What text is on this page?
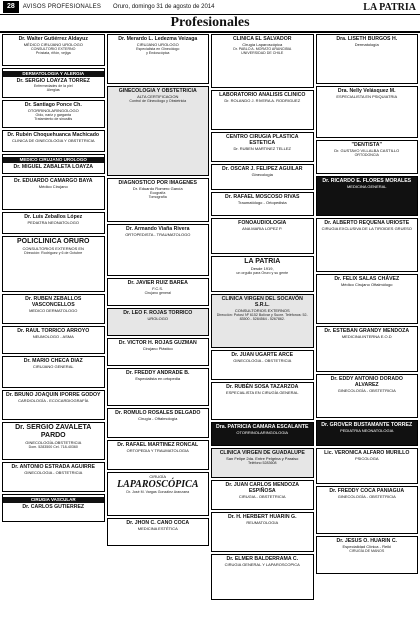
28	AVISOS PROFESIONALES Oruro, domingo 31 de agosto de 2014	LA PATRIA
Profesionales
Dr. Walter Gutiérrez Aldayuz
MÉDICO CIRUJANO UROLOGO
CONSULTORIO EXTERNO
Próstata, riñón, vejiga
DERMATOLOGIA Y ALERGIA
Dr. SERGIO LOAYZA TORREZ
Enfermedades de la piel
Alergias
Dr. Santiago Ponce Ch.
OTORRINOLARINGOLOGO
Oído, nariz y garganta
Tratamiento de sinusitis
Dr. Rubén Choquehuanca Machicado
CLINICA DE GINECOLOGIA Y OBSTETRICIA
MEDICO CIRUJANO UROLOGO
Dr. MIGUEL ZABALETA LOAYZA
Dr. EDUARDO CAMARGO BAYA
Médico Cirujano
Dr. Luis Zeballos López
PEDIATRA NEONATOLOGO
POLICLINICA ORURO
CONSULTORIOS EXTERNOS EN
Dirección: Rodríguez y 6 de Octubre
Dr. RUBEN ZEBALLOS VASCONCELLOS
MEDICO DERMATOLOGO
Dr. RAUL TORRICO ARROYO
NEUMOLOGO - ASMA
Dr. MARIO CHECA DIAZ
CIRUJANO GENERAL
Dr. BRUNO JOAQUIN IPORRE GODOY
CARDIOLOGÍA - ECOCARDIOGRAFÍA
Dr. SERGIO ZAVALETA PARDO
GINECOLOGÍA-OBSTETRICIA
Dom. 5283500 Cel. 718-40360
Dr. ANTONIO ESTRADA AGUIRRE
GINECOLOGIA - OBSTETRICIA
CIRUGIA VASCULAR
Dr. CARLOS GUTIERREZ
Dr. Merardo L. Ledezma Veizaga
CIRUJANO UROLOGO
Especialista en Ginecólogo
y Endoscópica
GINECOLOGIA Y OBSTETRICIA
ALTA CERTIFICACION
Control de Ginecólogo y Obstetricia
DIAGNOSTICO POR IMAGENES
Dr. Eduardo Romero García
Ecografía
Tomografía
Dr. Armando Viaña Rivera
ORTOPEDISTA - TRAUMATOLOGO
Dr. JAVIER RUIZ BAREA
F.C.S.
Cirujano general
Dr. LEO F. ROJAS TORRICO
UROLOGO
Dr. VICTOR H. ROJAS GUZMAN
Cirujano Plástico
Dr. FREDDY ANDRADE B.
Especialista en ortopedia
Dr. ROMULO ROSALES DELGADO
Cirugía - Oftalmología
Dr. RAFAEL MARTINEZ RONCAL
ORTOPEDIA Y TRAUMATOLOGIA
CIRUGÍA
LAPAROSCÓPICA
Dr. José M. Vargas González Aranzaea
Dr. JHON C. CANO COCA
MEDICINA ESTÉTICA
CLINICA EL SALVADOR
Cirugía Laparoscópica
Dr. PABLO A. MORATO ARANCIBIA
UNIVERSIDAD DE CHILE
LABORATORIO ANALISIS CLINICO
Dr. ROLANDO J. RIVERA A. RODRIGUEZ
CENTRO CIRUGIA PLASTICA ESTETICA
Dr. RUBEN MARTINEZ TELLEZ
Dr. OSCAR J. FELIPEZ AGUILAR
Ginecología
Dr. RAFAEL MOSCOSO RIVAS
Traumatólogo - Ortopedista
FONOAUDIOLOGIA
ANA MARIA LOPEZ P.
LA PATRIA
Desde 1919,
un orgullo para Oruro y su gente
CLINICA VIRGEN DEL SOCAVÓN S.R.L.
CONSULTORIOS EXTERNOS
Dirección: Potosí Nº 6152 Bolívar y Sucre. Teléfonos: 52-83500 - 5284564 - 5267862.
Dr. JUAN UGARTE ARCE
GINECOLOGIA - OBSTETRICIA
Dr. RUBÉN SOSA TAZARZOA
ESPECIALISTA EN CIRUGÍA GENERAL
Dra. PATRICIA CAMARA ESCALANTE
OTORRINOLARINGOLOGIA
CLINICA VIRGEN DE GUADALUPE
San Felipe 2da. Entre Pelgrina y Paraiso
Teléfono 5283608
Dr. JUAN CARLOS MENDOZA ESPIÑOSA
CIRUGIA - OBSTETRICIA
Dr. H. HERBERT HUARIN G.
REUMATOLOGIA
Dr. ELMER BALDERRAMA C.
CIRUGIA GENERAL Y LAPAROSCOPICA
Dra. LISETH BURGOS H.
Dermatología
Dra. Nelly Velásquez M.
ESPECIALISTA EN PSIQUIATRIA
"DENTISTA"
Dr. GUSTAVO VILLALBA CASTILLO
ORTODONCIA
Dr. RICARDO E. FLORES MORALES
MEDICINA GENERAL
Dr. ALBERTO REQUENA URIOSTE
CIRUGIA EXCLUSIVA DE LA TIROIDES GRUESO
Dr. FELIX SALAS CHÁVEZ
Médico Cirujano Oftalmólogo
Dr. ESTEBAN GRANDY MENDOZA
MEDICINA INTERNA E.O.D
Dr. EDDY ANTONIO DORADO ALVAREZ
GINECOLOGÍA - OBSTETRICIA
Dr. GROVER BUSTAMANTE TORREZ
PEDIATRIA NEONATOLOGIA
Lic. VERONICA ALFARO MURILLO
PSICOLOGA
Dr. FREDDY COCA PANIAGUA
GINECOLOGÍA - OBSTETRICIA
Dr. JESUS O. HUARIN C.
Especialidad Clínica - Reiki
CIRUGÍA DE MANOS
